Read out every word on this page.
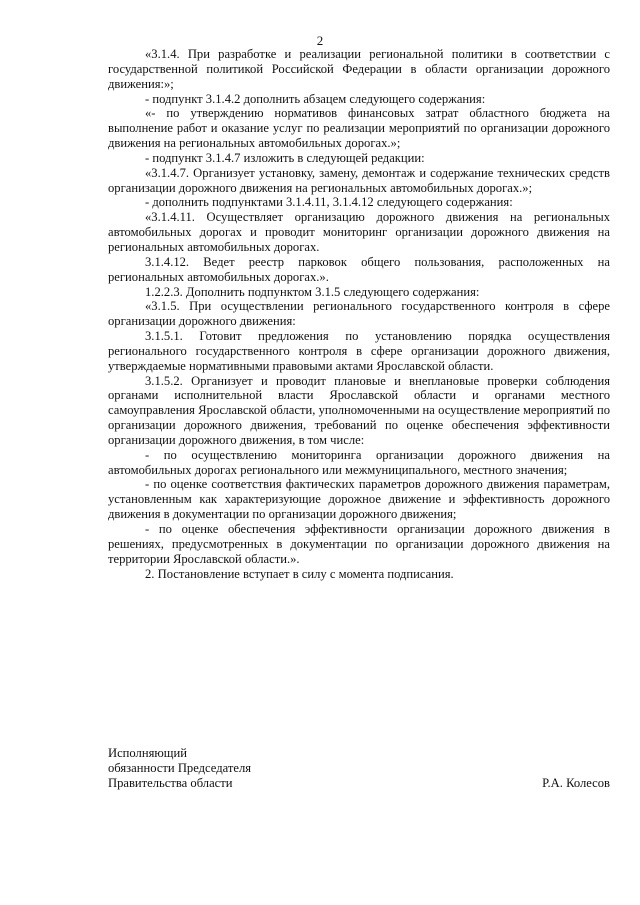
2

«3.1.4. При разработке и реализации региональной политики в соответствии с государственной политикой Российской Федерации в области организации дорожного движения:»;

- подпункт 3.1.4.2 дополнить абзацем следующего содержания:

«- по утверждению нормативов финансовых затрат областного бюджета на выполнение работ и оказание услуг по реализации мероприятий по организации дорожного движения на региональных автомобильных дорогах.»;

- подпункт 3.1.4.7 изложить в следующей редакции:

«3.1.4.7. Организует установку, замену, демонтаж и содержание технических средств организации дорожного движения на региональных автомобильных дорогах.»;

- дополнить подпунктами 3.1.4.11, 3.1.4.12 следующего содержания:

«3.1.4.11. Осуществляет организацию дорожного движения на региональных автомобильных дорогах и проводит мониторинг организации дорожного движения на региональных автомобильных дорогах.

3.1.4.12. Ведет реестр парковок общего пользования, расположенных на региональных автомобильных дорогах.».

1.2.2.3. Дополнить подпунктом 3.1.5 следующего содержания:

«3.1.5. При осуществлении регионального государственного контроля в сфере организации дорожного движения:

3.1.5.1. Готовит предложения по установлению порядка осуществления регионального государственного контроля в сфере организации дорожного движения, утверждаемые нормативными правовыми актами Ярославской области.

3.1.5.2. Организует и проводит плановые и внеплановые проверки соблюдения органами исполнительной власти Ярославской области и органами местного самоуправления Ярославской области, уполномоченными на осуществление мероприятий по организации дорожного движения, требований по оценке обеспечения эффективности организации дорожного движения, в том числе:

- по осуществлению мониторинга организации дорожного движения на автомобильных дорогах регионального или межмуниципального, местного значения;

- по оценке соответствия фактических параметров дорожного движения параметрам, установленным как характеризующие дорожное движение и эффективность дорожного движения в документации по организации дорожного движения;

- по оценке обеспечения эффективности организации дорожного движения в решениях, предусмотренных в документации по организации дорожного движения на территории Ярославской области.».

2. Постановление вступает в силу с момента подписания.

Исполняющий

обязанности Председателя

Правительства области	Р.А. Колесов
